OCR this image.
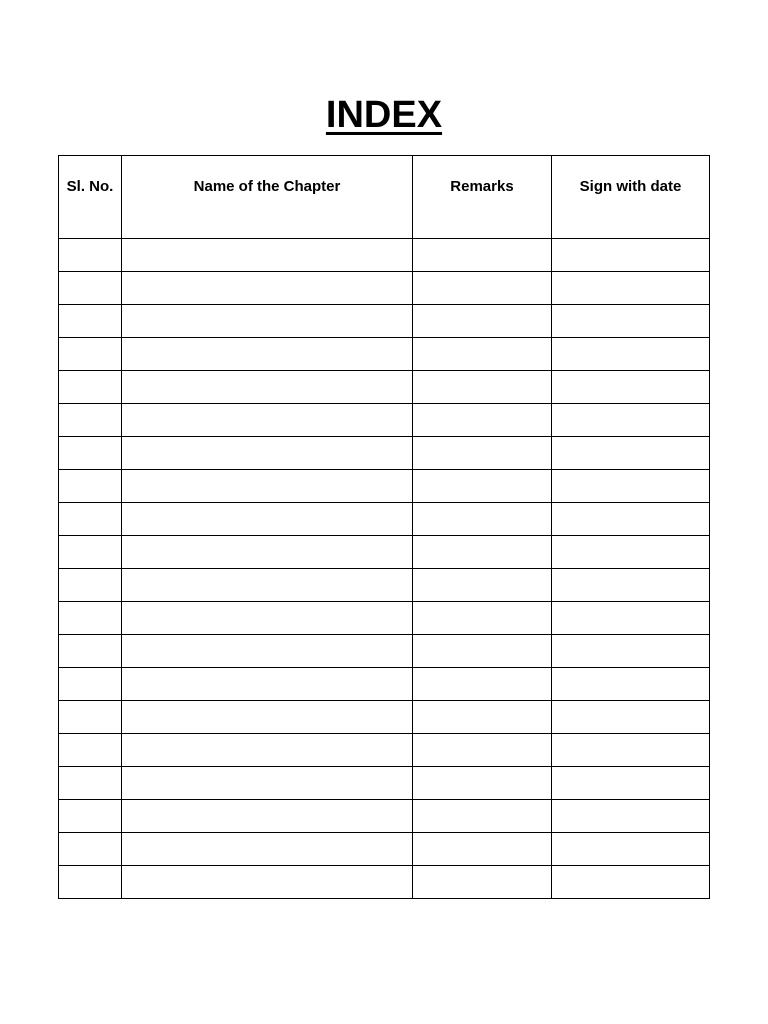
INDEX
Sl. No.	Name of the Chapter	Remarks	Sign with date
